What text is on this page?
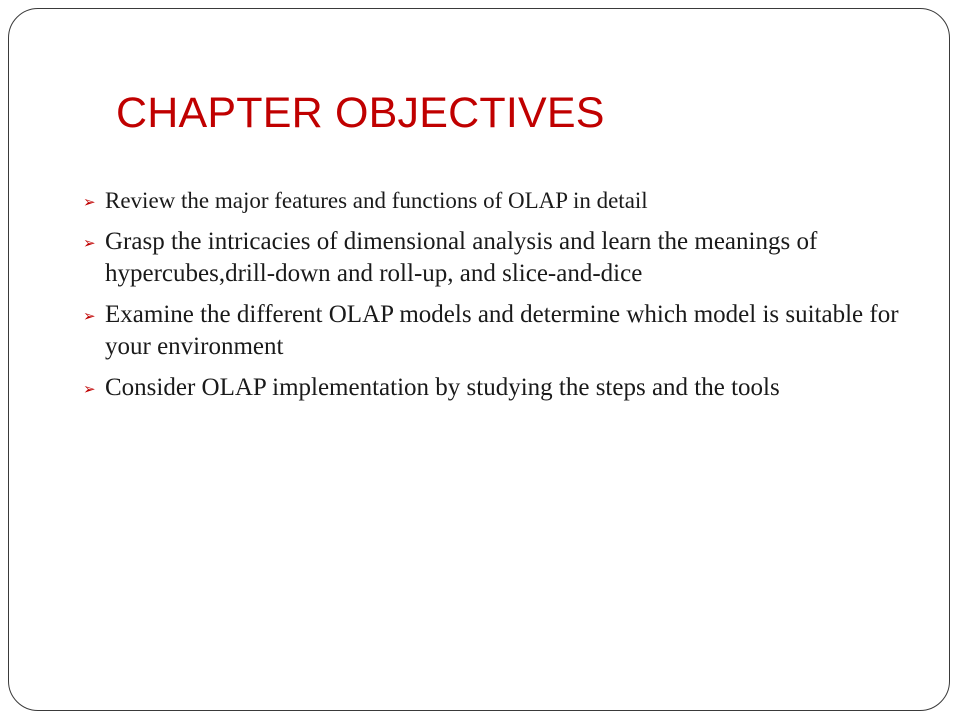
CHAPTER OBJECTIVES
➢ Review the major features and functions of OLAP in detail
➢ Grasp the intricacies of dimensional analysis and learn the meanings of hypercubes,drill-down and roll-up, and slice-and-dice
➢ Examine the different OLAP models and determine which model is suitable for your environment
➢ Consider OLAP implementation by studying the steps and the tools
